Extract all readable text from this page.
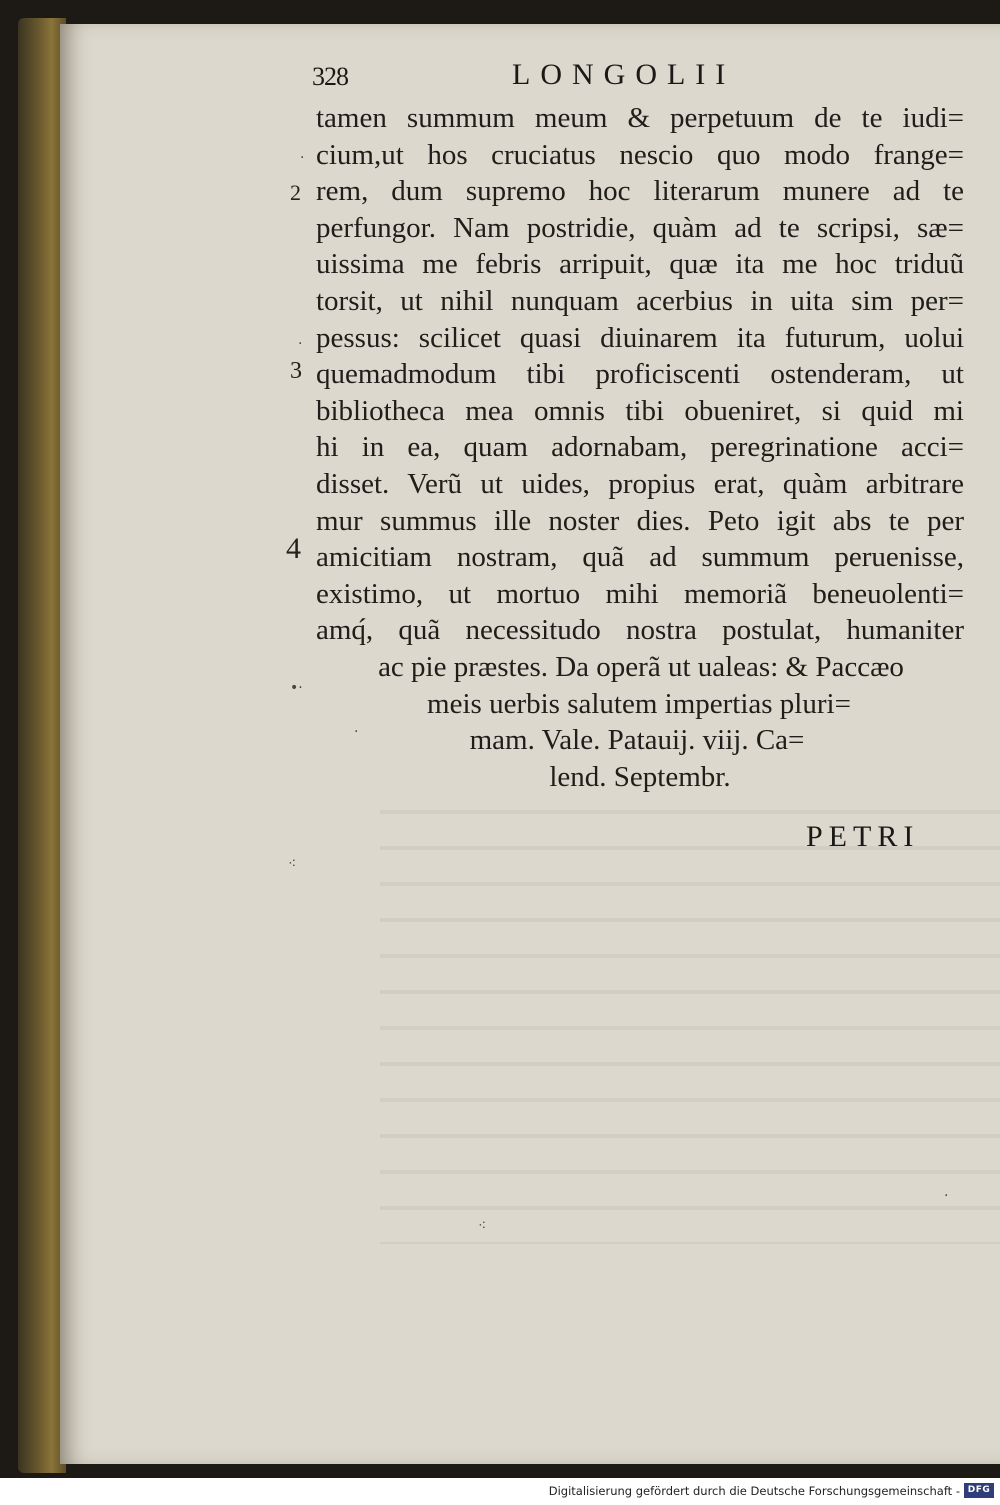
328	LONGOLII
2
3
4
·
·
•·
·
⁖
⁖
·
tamen summum meum & perpetuum de te iudi=
cium,ut hos cruciatus nescio quo modo frange=
rem, dum supremo hoc literarum munere ad te
perfungor. Nam postridie, quàm ad te scripsi, sæ=
uissima me febris arripuit, quæ ita me hoc triduũ
torsit, ut nihil nunquam acerbius in uita sim per=
pessus: scilicet quasi diuinarem ita futurum, uolui
quemadmodum tibi proficiscenti ostenderam, ut
bibliotheca mea omnis tibi obueniret, si quid mi
hi in ea, quam adornabam, peregrinatione acci=
disset. Verũ ut uides, propius erat, quàm arbitrare
mur summus ille noster dies. Peto igit abs te per
amicitiam nostram, quã ad summum peruenisse,
existimo, ut mortuo mihi memoriã beneuolenti=
amq́, quã necessitudo nostra postulat, humaniter
ac pie præstes. Da operã ut ualeas: & Paccæo
meis uerbis salutem impertias pluri=
mam. Vale. Patauij. viij. Ca=
lend. Septembr.
PETRI
Digitalisierung gefördert durch die Deutsche Forschungsgemeinschaft - DFG
